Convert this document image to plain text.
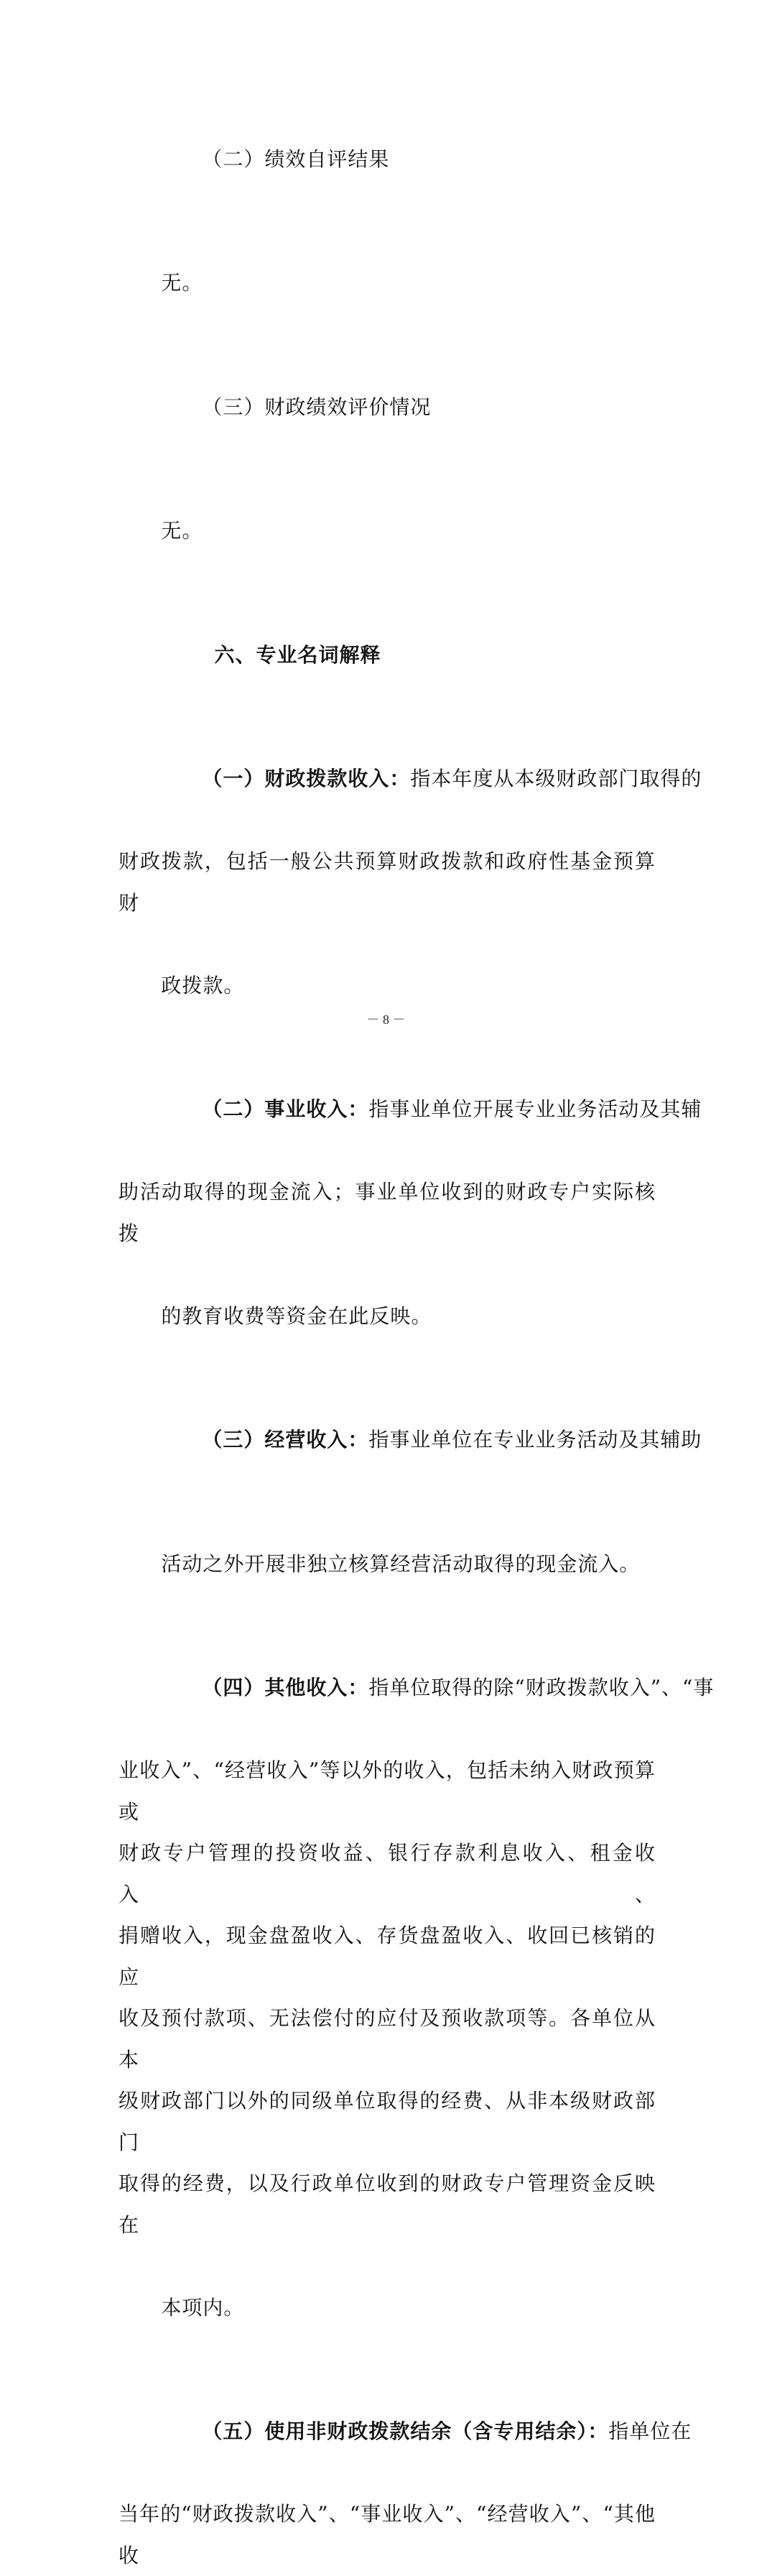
（二）绩效自评结果

无。

（三）财政绩效评价情况

无。

六、专业名词解释

（一）财政拨款收入：指本年度从本级财政部门取得的

财政拨款，包括一般公共预算财政拨款和政府性基金预算财

政拨款。

（二）事业收入：指事业单位开展专业业务活动及其辅

助活动取得的现金流入；事业单位收到的财政专户实际核拨

的教育收费等资金在此反映。

（三）经营收入：指事业单位在专业业务活动及其辅助

活动之外开展非独立核算经营活动取得的现金流入。

（四）其他收入：指单位取得的除“财政拨款收入”、“事

业收入”、“经营收入”等以外的收入，包括未纳入财政预算或
财政专户管理的投资收益、银行存款利息收入、租金收入、
捐赠收入，现金盘盈收入、存货盘盈收入、收回已核销的应
收及预付款项、无法偿付的应付及预收款项等。各单位从本
级财政部门以外的同级单位取得的经费、从非本级财政部门
取得的经费，以及行政单位收到的财政专户管理资金反映在

本项内。

（五）使用非财政拨款结余（含专用结余）：指单位在

当年的“财政拨款收入”、“事业收入”、“经营收入”、“其他收
－ 8 －
